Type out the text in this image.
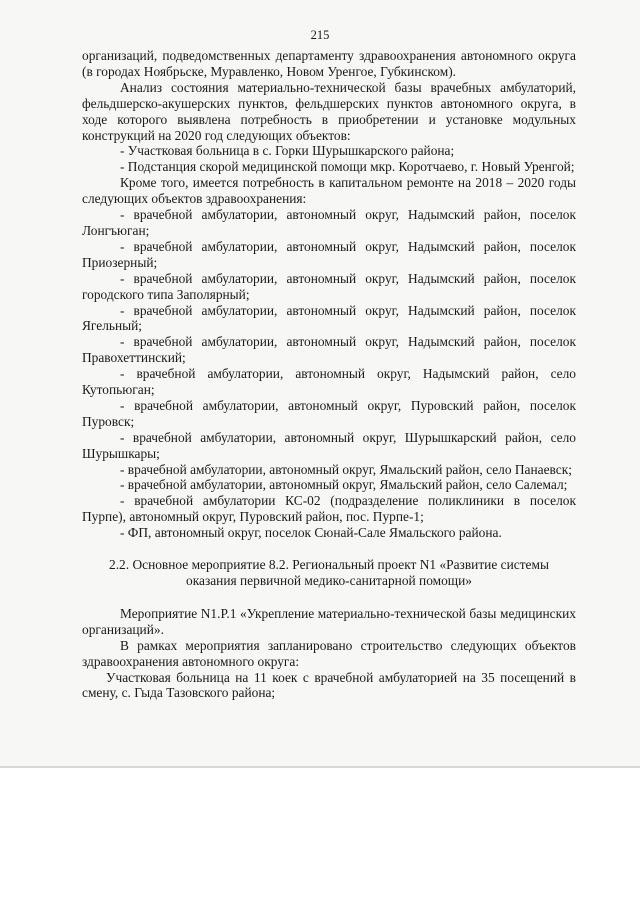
215

организаций, подведомственных департаменту здравоохранения автономного округа (в городах Ноябрьске, Муравленко, Новом Уренгое, Губкинском).

Анализ состояния материально-технической базы врачебных амбулаторий, фельдшерско-акушерских пунктов, фельдшерских пунктов автономного округа, в ходе которого выявлена потребность в приобретении и установке модульных конструкций на 2020 год следующих объектов:

- Участковая больница в с. Горки Шурышкарского района;

- Подстанция скорой медицинской помощи мкр. Коротчаево, г. Новый Уренгой;

Кроме того, имеется потребность в капитальном ремонте на 2018 – 2020 годы следующих объектов здравоохранения:

- врачебной амбулатории, автономный округ, Надымский район, поселок Лонгъюган;

- врачебной амбулатории, автономный округ, Надымский район, поселок Приозерный;

- врачебной амбулатории, автономный округ, Надымский район, поселок городского типа Заполярный;

- врачебной амбулатории, автономный округ, Надымский район, поселок Ягельный;

- врачебной амбулатории, автономный округ, Надымский район, поселок Правохеттинский;

- врачебной амбулатории, автономный округ, Надымский район, село Кутопьюган;

- врачебной амбулатории, автономный округ, Пуровский район, поселок Пуровск;

- врачебной амбулатории, автономный округ, Шурышкарский район, село Шурышкары;

- врачебной амбулатории, автономный округ, Ямальский район, село Панаевск;

- врачебной амбулатории, автономный округ, Ямальский район, село Салемал;

- врачебной амбулатории КС-02 (подразделение поликлиники в поселок Пурпе), автономный округ, Пуровский район, пос. Пурпе-1;

- ФП, автономный округ, поселок Сюнай-Сале Ямальского района.

2.2. Основное мероприятие 8.2. Региональный проект N1 «Развитие системы оказания первичной медико-санитарной помощи»

Мероприятие N1.P.1 «Укрепление материально-технической базы медицинских организаций».

В рамках мероприятия запланировано строительство следующих объектов здравоохранения автономного округа:

Участковая больница на 11 коек с врачебной амбулаторией на 35 посещений в смену, с. Гыда Тазовского района;
